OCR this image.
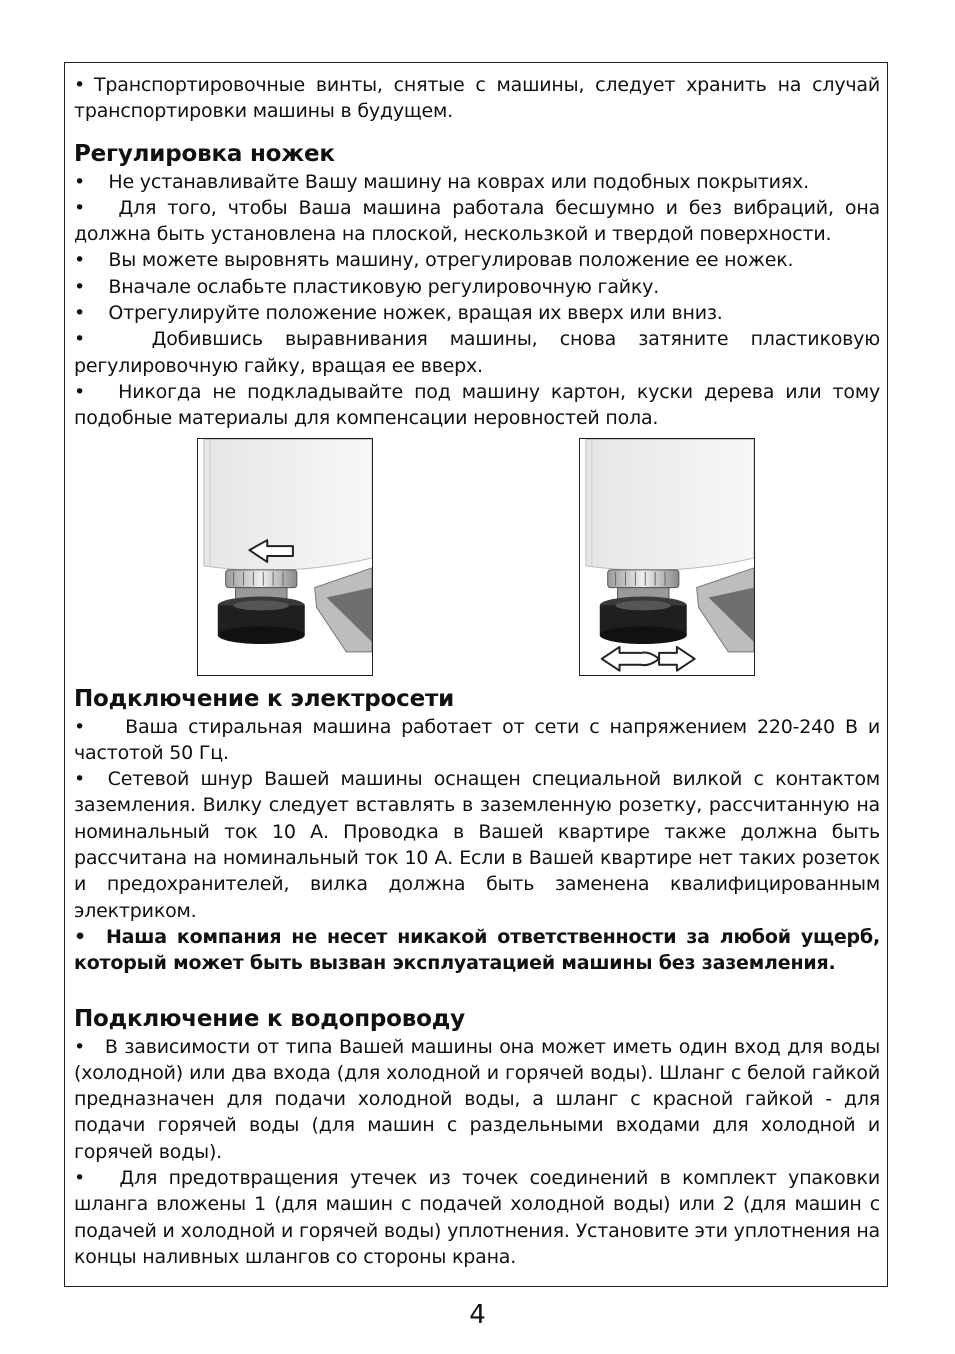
• Транспортировочные винты, снятые с машины, следует хранить на случай транспортировки машины в будущем.

Регулировка ножек

•    Не устанавливайте Вашу машину на коврах или подобных покрытиях.

•   Для того, чтобы Ваша машина работала бесшумно и без вибраций, она должна быть установлена на плоской, нескользкой и твердой поверхности.

•    Вы можете выровнять машину, отрегулировав положение ее ножек.

•    Вначале ослабьте пластиковую регулировочную гайку.

•    Отрегулируйте положение ножек, вращая их вверх или вниз.

•   Добившись выравнивания машины, снова затяните пластиковую регулировочную гайку, вращая ее вверх.

•   Никогда не подкладывайте под машину картон, куски дерева или тому подобные материалы для компенсации неровностей пола.

Подключение к электросети

•    Ваша стиральная машина работает от сети с напряжением 220-240 В и частотой 50 Гц.

•  Сетевой шнур Вашей машины оснащен специальной вилкой с контактом заземления. Вилку следует вставлять в заземленную розетку, рассчитанную на номинальный ток 10 А. Проводка в Вашей квартире также должна быть рассчитана на номинальный ток 10 А. Если в Вашей квартире нет таких розеток и предохранителей, вилка должна быть заменена квалифицированным электриком.

•  Наша компания не несет никакой ответственности за любой ущерб, который может быть вызван эксплуатацией машины без заземления.

Подключение к водопроводу

•   В зависимости от типа Вашей машины она может иметь один вход для воды (холодной) или два входа (для холодной и горячей воды). Шланг с белой гайкой предназначен для подачи холодной воды, а шланг с красной гайкой - для подачи горячей воды (для машин с раздельными входами для холодной и горячей воды).

•   Для предотвращения утечек из точек соединений в комплект упаковки шланга вложены 1 (для машин с подачей холодной воды) или 2 (для машин с подачей и холодной и горячей воды) уплотнения. Установите эти уплотнения на концы наливных шлангов со стороны крана.

4
